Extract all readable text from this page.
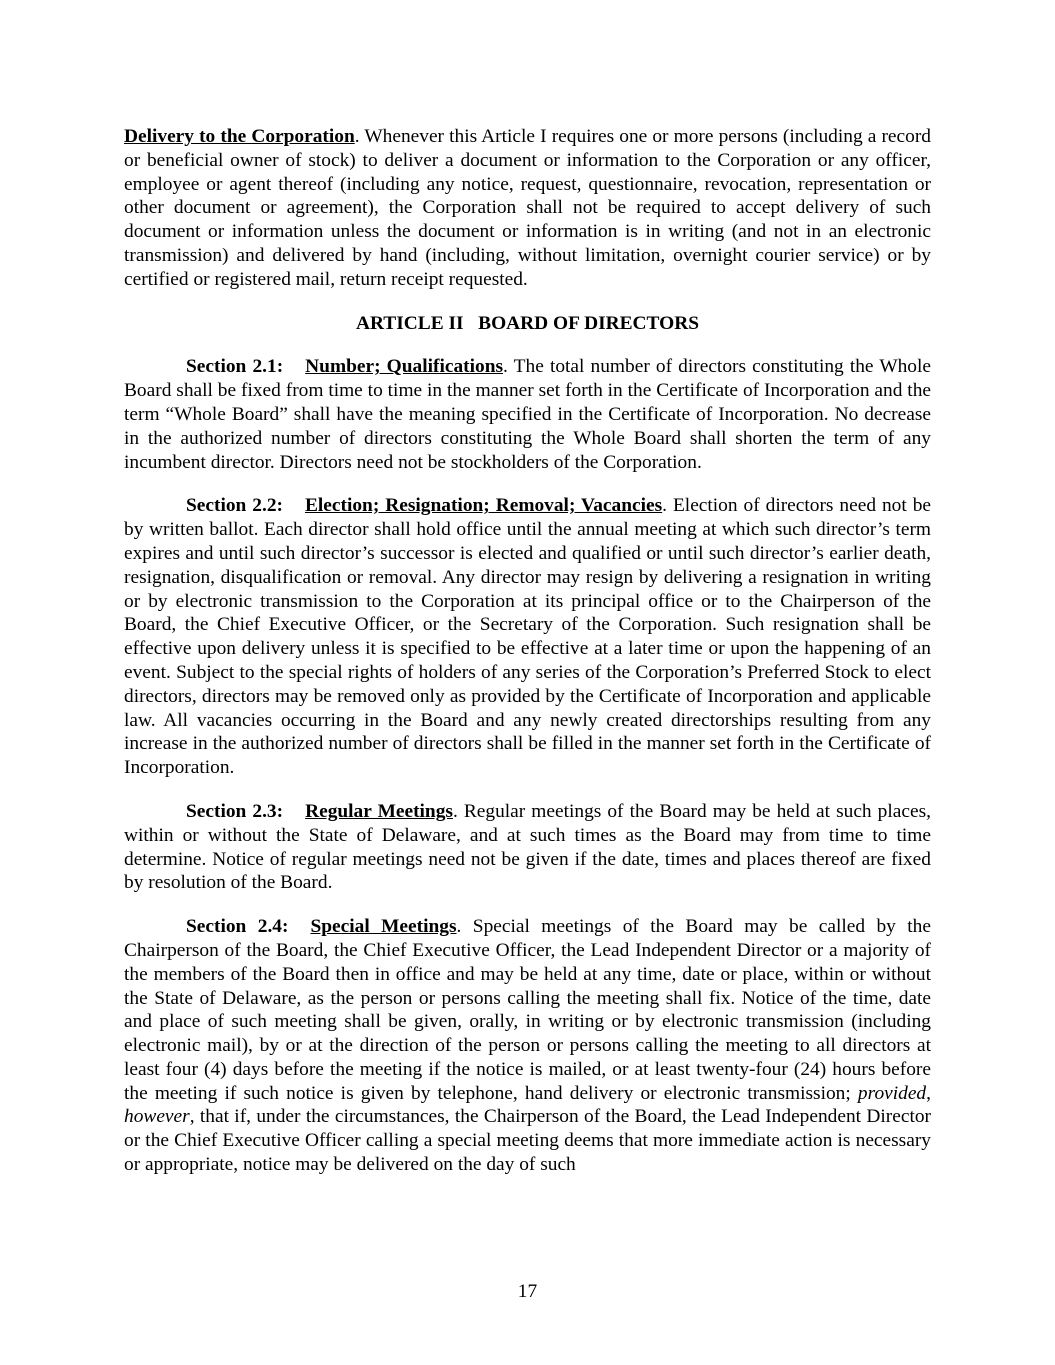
Delivery to the Corporation. Whenever this Article I requires one or more persons (including a record or beneficial owner of stock) to deliver a document or information to the Corporation or any officer, employee or agent thereof (including any notice, request, questionnaire, revocation, representation or other document or agreement), the Corporation shall not be required to accept delivery of such document or information unless the document or information is in writing (and not in an electronic transmission) and delivered by hand (including, without limitation, overnight courier service) or by certified or registered mail, return receipt requested.

ARTICLE II   BOARD OF DIRECTORS

Section 2.1: Number; Qualifications. The total number of directors constituting the Whole Board shall be fixed from time to time in the manner set forth in the Certificate of Incorporation and the term “Whole Board” shall have the meaning specified in the Certificate of Incorporation. No decrease in the authorized number of directors constituting the Whole Board shall shorten the term of any incumbent director. Directors need not be stockholders of the Corporation.

Section 2.2: Election; Resignation; Removal; Vacancies. Election of directors need not be by written ballot. Each director shall hold office until the annual meeting at which such director’s term expires and until such director’s successor is elected and qualified or until such director’s earlier death, resignation, disqualification or removal. Any director may resign by delivering a resignation in writing or by electronic transmission to the Corporation at its principal office or to the Chairperson of the Board, the Chief Executive Officer, or the Secretary of the Corporation. Such resignation shall be effective upon delivery unless it is specified to be effective at a later time or upon the happening of an event. Subject to the special rights of holders of any series of the Corporation’s Preferred Stock to elect directors, directors may be removed only as provided by the Certificate of Incorporation and applicable law. All vacancies occurring in the Board and any newly created directorships resulting from any increase in the authorized number of directors shall be filled in the manner set forth in the Certificate of Incorporation.

Section 2.3: Regular Meetings. Regular meetings of the Board may be held at such places, within or without the State of Delaware, and at such times as the Board may from time to time determine. Notice of regular meetings need not be given if the date, times and places thereof are fixed by resolution of the Board.

Section 2.4: Special Meetings. Special meetings of the Board may be called by the Chairperson of the Board, the Chief Executive Officer, the Lead Independent Director or a majority of the members of the Board then in office and may be held at any time, date or place, within or without the State of Delaware, as the person or persons calling the meeting shall fix. Notice of the time, date and place of such meeting shall be given, orally, in writing or by electronic transmission (including electronic mail), by or at the direction of the person or persons calling the meeting to all directors at least four (4) days before the meeting if the notice is mailed, or at least twenty-four (24) hours before the meeting if such notice is given by telephone, hand delivery or electronic transmission; provided, however, that if, under the circumstances, the Chairperson of the Board, the Lead Independent Director or the Chief Executive Officer calling a special meeting deems that more immediate action is necessary or appropriate, notice may be delivered on the day of such

17
